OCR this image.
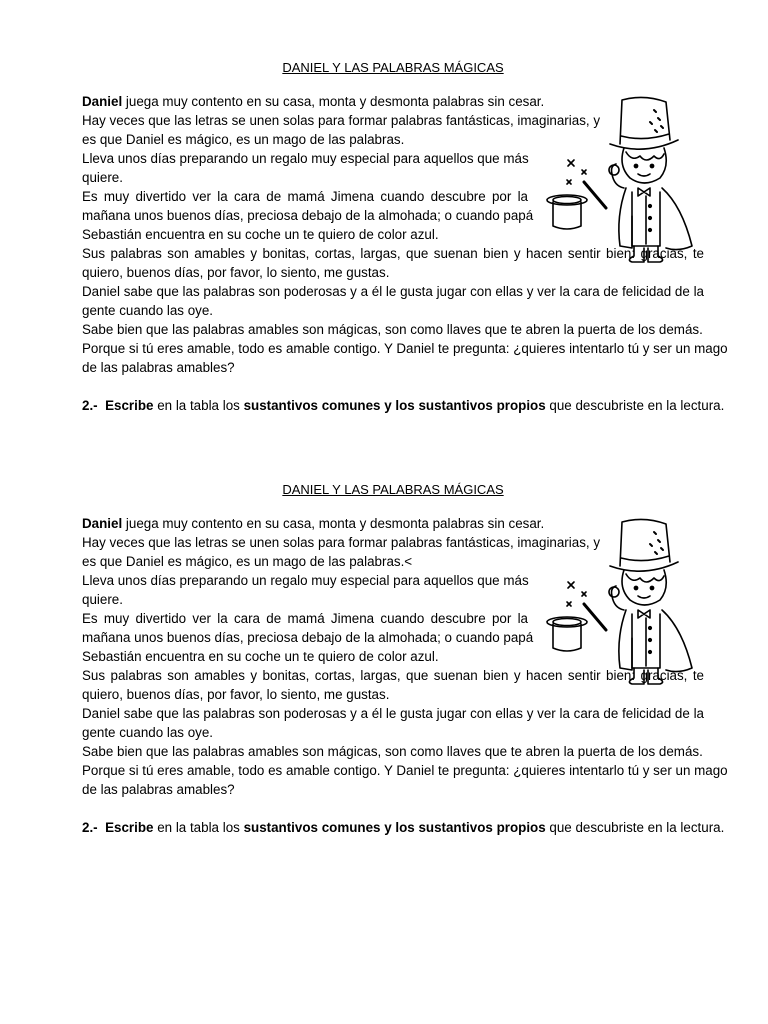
DANIEL Y LAS PALABRAS MÁGICAS
Daniel juega muy contento en su casa, monta y desmonta palabras sin cesar.
Hay veces que las letras se unen solas para formar palabras fantásticas, imaginarias, y
es que Daniel es mágico, es un mago de las palabras.
Lleva unos días preparando un regalo muy especial para aquellos que más
quiere.
Es muy divertido ver la cara de mamá Jimena cuando descubre por la
mañana unos buenos días, preciosa debajo de la almohada; o cuando papá
Sebastián encuentra en su coche un te quiero de color azul.
Sus palabras son amables y bonitas, cortas, largas, que suenan bien y hacen sentir bien: gracias, te
quiero, buenos días, por favor, lo siento, me gustas.
Daniel sabe que las palabras son poderosas y a él le gusta jugar con ellas y ver la cara de felicidad de la
gente cuando las oye.
Sabe bien que las palabras amables son mágicas, son como llaves que te abren la puerta de los demás.
Porque si tú eres amable, todo es amable contigo. Y Daniel te pregunta: ¿quieres intentarlo tú y ser un mago
de las palabras amables?
2.- Escribe en la tabla los sustantivos comunes y los sustantivos propios que descubriste en la lectura.
DANIEL Y LAS PALABRAS MÁGICAS
Daniel juega muy contento en su casa, monta y desmonta palabras sin cesar.
Hay veces que las letras se unen solas para formar palabras fantásticas, imaginarias, y
es que Daniel es mágico, es un mago de las palabras.<
Lleva unos días preparando un regalo muy especial para aquellos que más
quiere.
Es muy divertido ver la cara de mamá Jimena cuando descubre por la
mañana unos buenos días, preciosa debajo de la almohada; o cuando papá
Sebastián encuentra en su coche un te quiero de color azul.
Sus palabras son amables y bonitas, cortas, largas, que suenan bien y hacen sentir bien: gracias, te
quiero, buenos días, por favor, lo siento, me gustas.
Daniel sabe que las palabras son poderosas y a él le gusta jugar con ellas y ver la cara de felicidad de la
gente cuando las oye.
Sabe bien que las palabras amables son mágicas, son como llaves que te abren la puerta de los demás.
Porque si tú eres amable, todo es amable contigo. Y Daniel te pregunta: ¿quieres intentarlo tú y ser un mago
de las palabras amables?
2.- Escribe en la tabla los sustantivos comunes y los sustantivos propios que descubriste en la lectura.
